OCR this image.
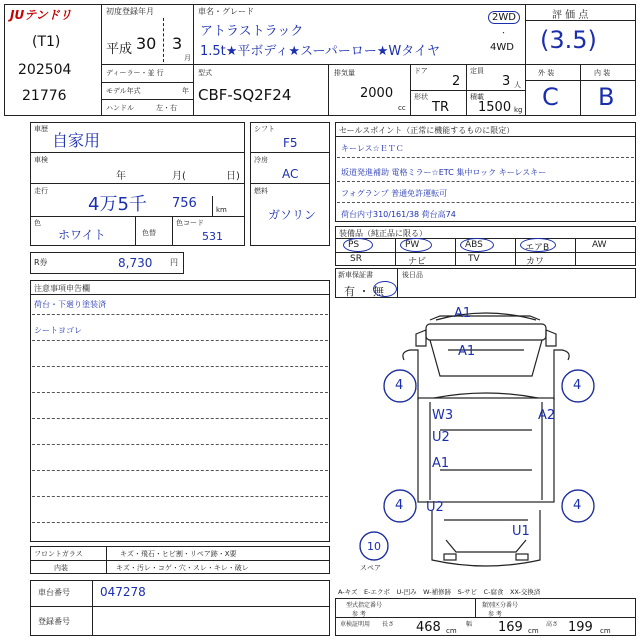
JUテンドリ
(T1)
202504
21776
初度登録年月
平成 30 3
月
ディーラー・並 行
モデル年式	年
ハンドル	左・右
車名・グレード
アトラストラック
1.5t★平ボディ★スーパーロー★Wタイヤ
2WD
・
4WD
型式
CBF-SQ2F24
排気量
2000
cc
ドア
2
定員
3 人
形状
TR
積載
1500 kg
評 価 点
(3.5)
外 装	内 装
C B
車歴
自家用
車検
年	月(	日)
走行
4万5千 756	km
色
ホワイト	色替
色コード
531
シフト
F5
冷房
AC
燃料
ガソリン
R券	8,730 円
注意事項申告欄
荷台・下廻り塗装済
シートヨゴレ
フロントガラス	キズ・飛石・ヒビ割・リペア跡・X要
内装	キズ・汚レ・コゲ・穴・スレ・キレ・破レ
車台番号	047278
登録番号
セールスポイント（正常に機能するものに限定）
キーレス☆ＥＴＣ
坂道発進補助 電格ミラー☆ETC 集中ロック キーレスキー
フォグランプ 普通免許運転可
荷台内寸310/161/38 荷台高74
装備品（純正品に限る）
PS	PW	ABS	エアB	AW
SR	ナビ	TV	カワ
新車保証書
有 ・ 無
後日品
A1
A1
4	4
W3	A2
U2
A1
4 U2	4
U1
10
スペア
A-キズ　E-エクボ　U-凹み　W-補修跡　S-サビ　C-腐食　XX-交換済
型式指定番号
参 考
類別区分番号
参 考
車検証明用 長さ 468 cm
幅 169 cm
高さ 199 cm
